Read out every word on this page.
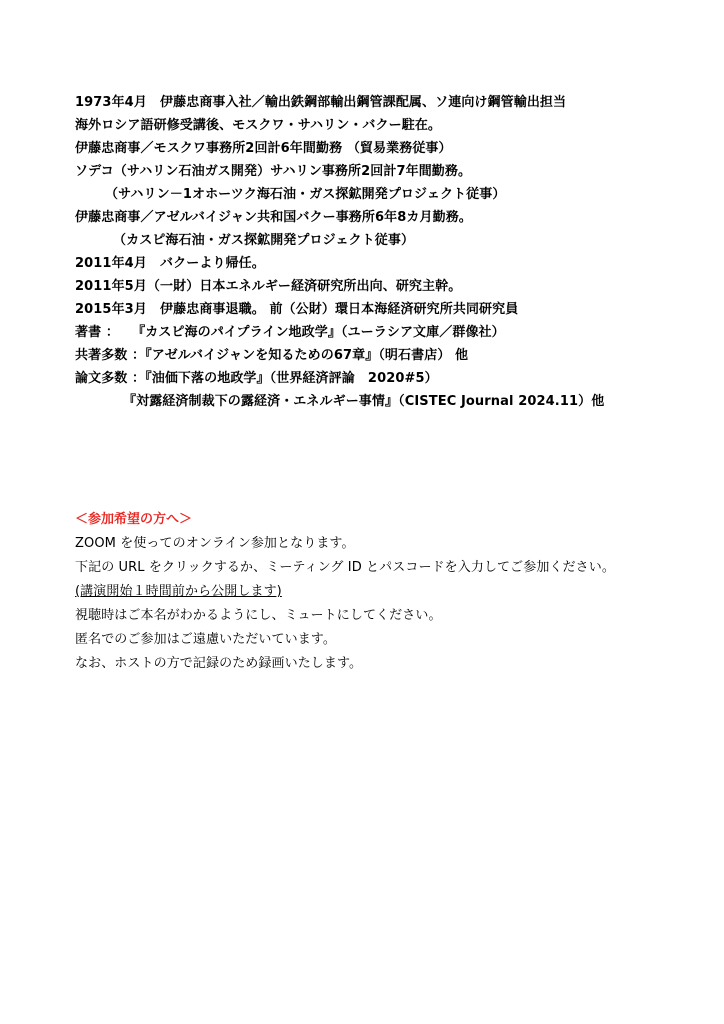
1973年4月　伊藤忠商事入社／輸出鉄鋼部輸出鋼管課配属、ソ連向け鋼管輸出担当
海外ロシア語研修受講後、モスクワ・サハリン・バクー駐在。
伊藤忠商事／モスクワ事務所2回計6年間勤務 （貿易業務従事）
ソデコ（サハリン石油ガス開発）サハリン事務所2回計7年間勤務。
（サハリン－1オホーツク海石油・ガス探鉱開発プロジェクト従事）
伊藤忠商事／アゼルバイジャン共和国バクー事務所6年8カ月勤務。
（カスピ海石油・ガス探鉱開発プロジェクト従事）
2011年4月　バクーより帰任。
2011年5月（一財）日本エネルギー経済研究所出向、研究主幹。
2015年3月　伊藤忠商事退職。 前（公財）環日本海経済研究所共同研究員
著書 ：　　『カスピ海のパイプライン地政学』（ユーラシア文庫／群像社）
共著多数 ：『アゼルバイジャンを知るための67章』（明石書店） 他
論文多数 ：『油価下落の地政学』（世界経済評論　2020#5）
『対露経済制裁下の露経済・エネルギー事情』（CISTEC Journal 2024.11）他
＜参加希望の方へ＞
ZOOM を使ってのオンライン参加となります。
下記の URL をクリックするか、ミーティング ID とパスコードを入力してご参加ください。
(講演開始１時間前から公開します)
視聴時はご本名がわかるようにし、ミュートにしてください。
匿名でのご参加はご遠慮いただいています。
なお、ホストの方で記録のため録画いたします。
